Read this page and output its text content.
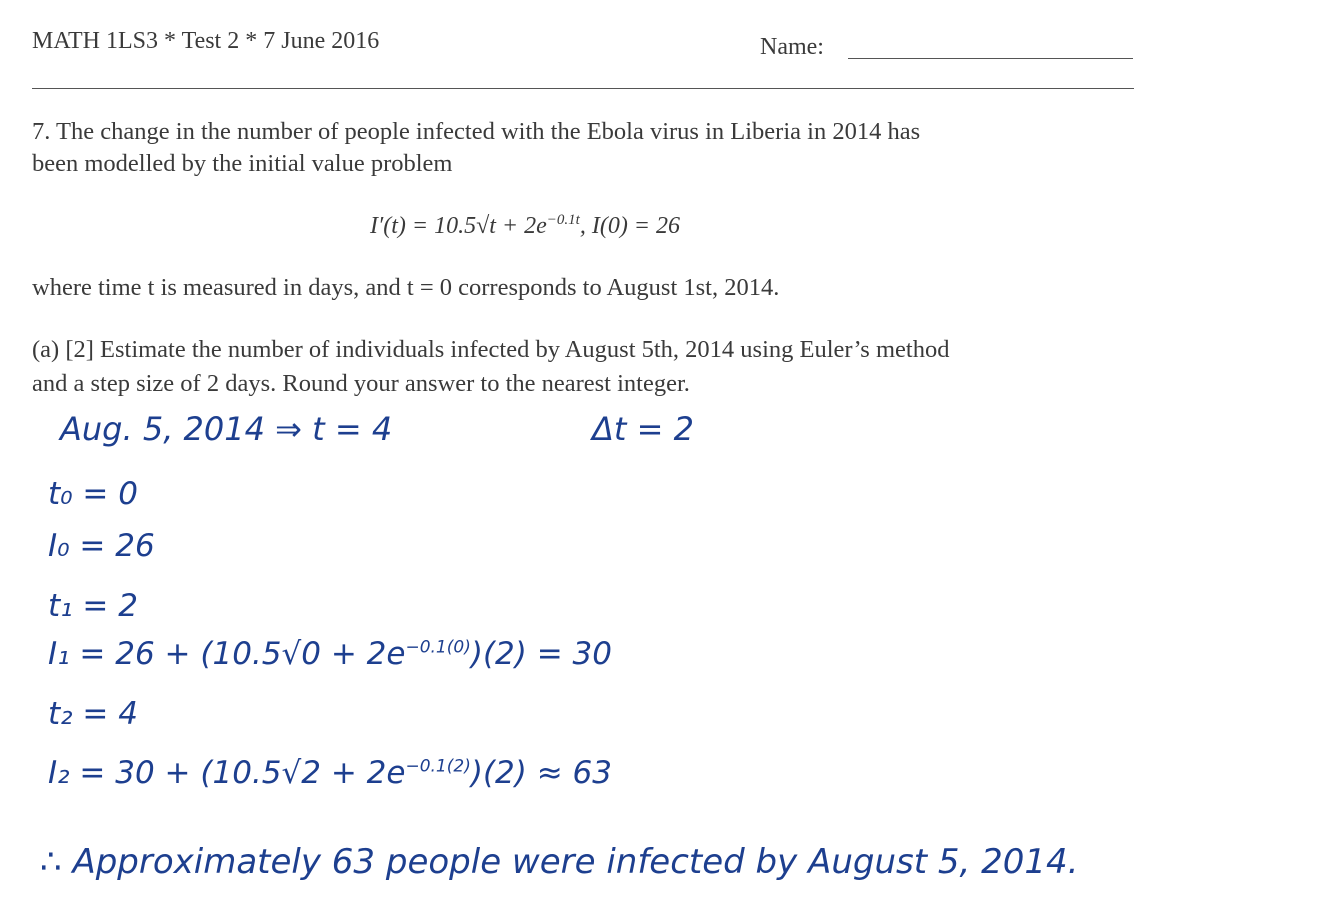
MATH 1LS3 * Test 2 * 7 June 2016	Name:
7. The change in the number of people infected with the Ebola virus in Liberia in 2014 has
been modelled by the initial value problem
$I'(t) = 10.5√t + 2e^{-0.1t}$, I(0) = 26
where time t is measured in days, and t = 0 corresponds to August 1st, 2014.
(a) [2] Estimate the number of individuals infected by August 5th, 2014 using Euler’s method
and a step size of 2 days. Round your answer to the nearest integer.
Aug. 5, 2014 ⇒ t = 4	Δt = 2
t₀ = 0
I₀ = 26
t₁ = 2
$I_1 = 26 + (10.5√0 + 2e^{-0.1(0)})(2) = 30$
t₂ = 4
$I_2 = 30 + (10.5√2 + 2e^{-0.1(2)})(2) \approx 63$
∴ Approximately 63 people were infected by August 5, 2014.
